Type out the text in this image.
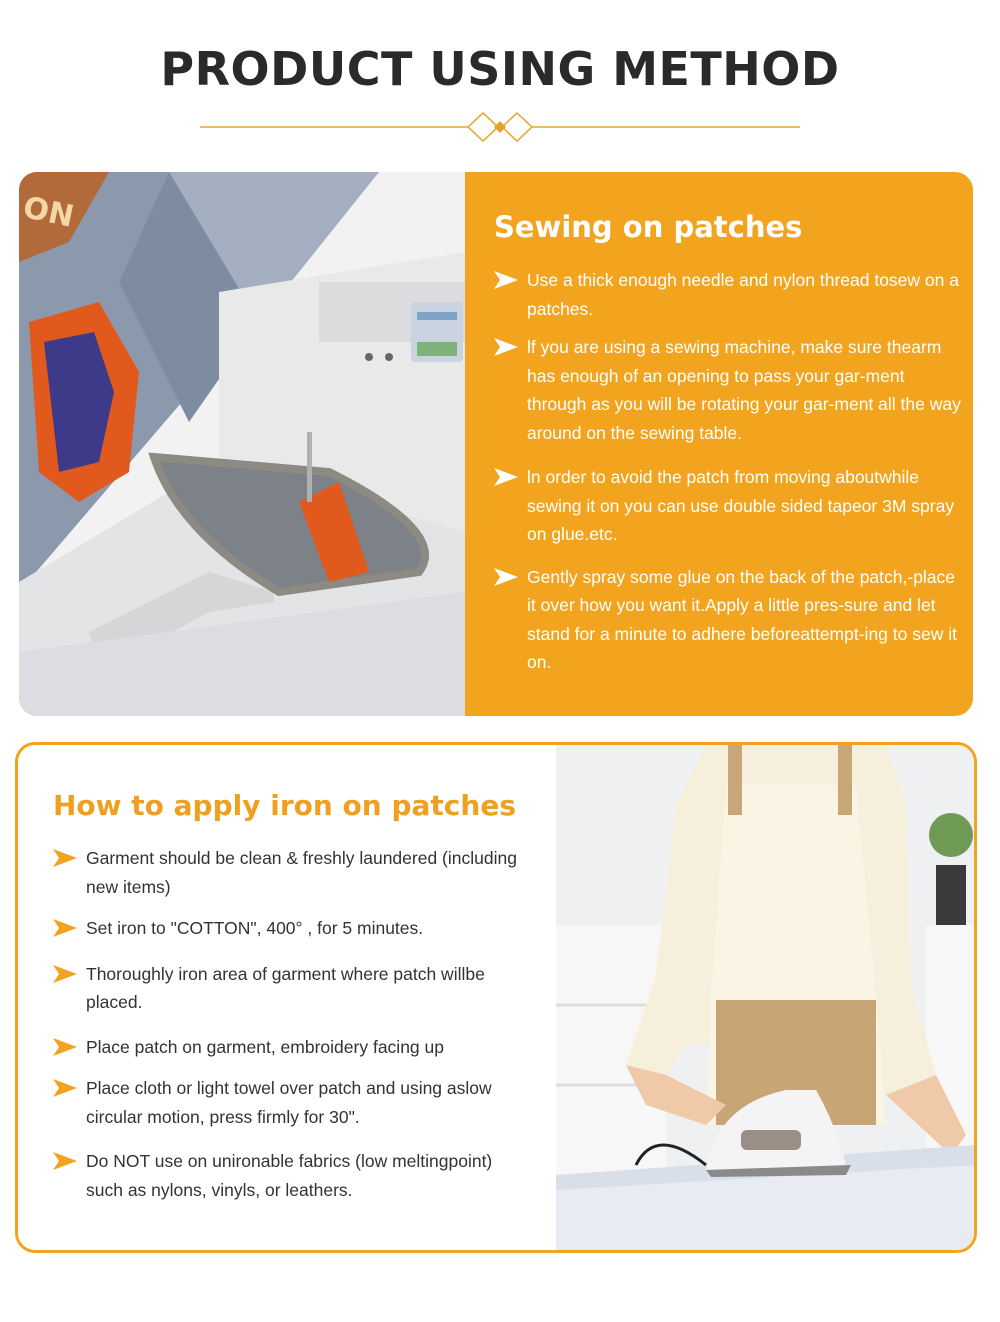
PRODUCT USING METHOD
ON	Sewing on patches

Use a thick enough needle and nylon thread tosew on a patches.

lf you are using a sewing machine, make sure thearm has enough of an opening to pass your gar-ment through as you will be rotating your gar-ment all the way around on the sewing table.

ln order to avoid the patch from moving aboutwhile sewing it on you can use double sided tapeor 3M spray on glue.etc.

Gently spray some glue on the back of the patch,-place it over how you want it.Apply a little pres-sure and let stand for a minute to adhere beforeattempt-ing to sew it on.

How to apply iron on patches

Garment should be clean & freshly laundered (including new items)

Set iron to "COTTON", 400° , for 5 minutes.

Thoroughly iron area of garment where patch willbe placed.

Place patch on garment, embroidery facing up

Place cloth or light towel over patch and using aslow circular motion, press firmly for 30".

Do NOT use on unironable fabrics (low meltingpoint) such as nylons, vinyls, or leathers.
